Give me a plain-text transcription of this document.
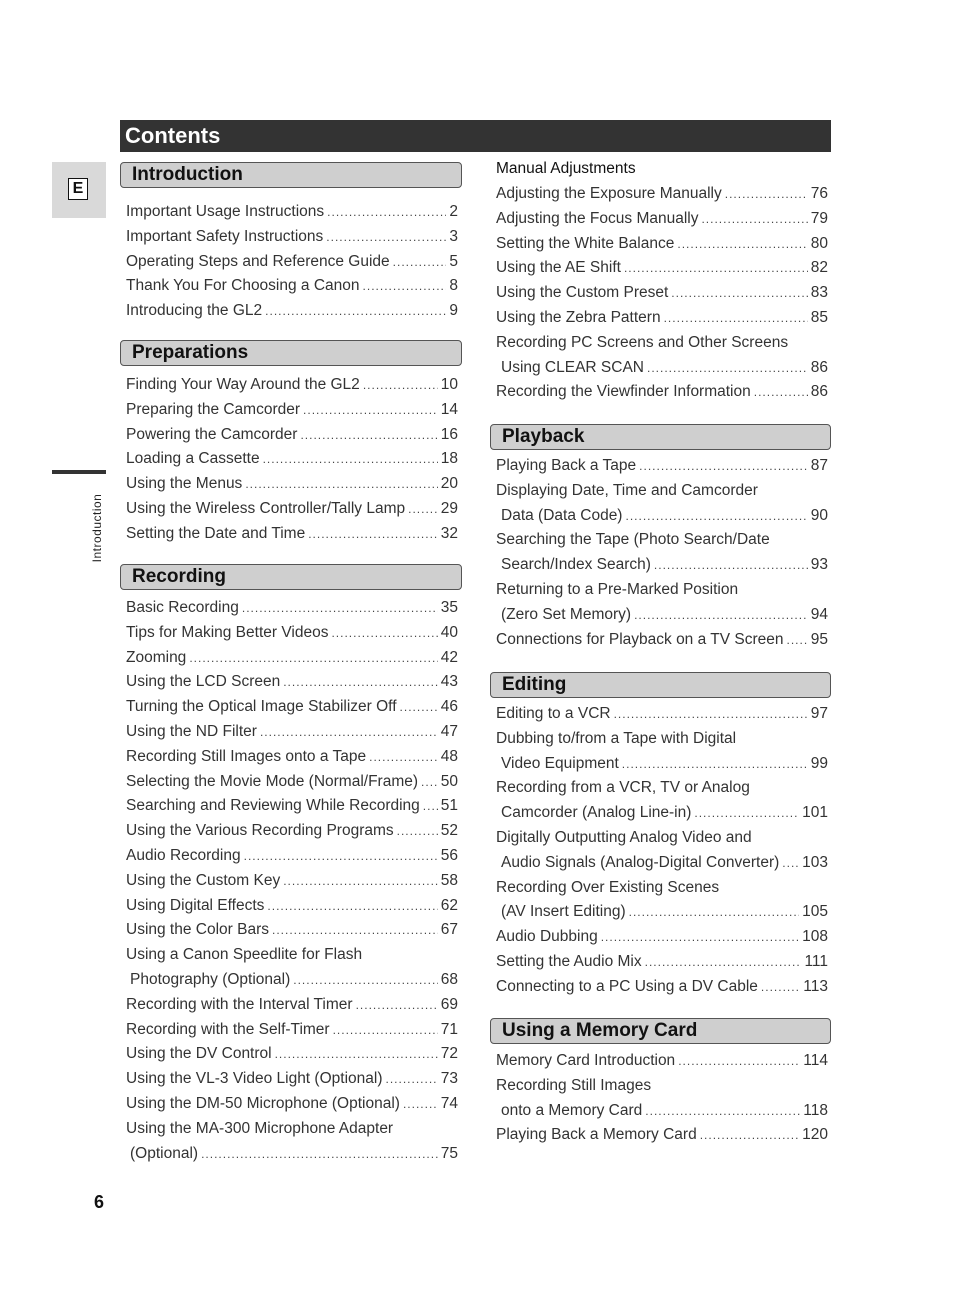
Contents
E
Introduction
Introduction
Important Usage Instructions .....	2
Important Safety Instructions .....	3
Operating Steps and Reference Guide .....	5
Thank You For Choosing a Canon .....	8
Introducing the GL2 .....	9
Preparations
Finding Your Way Around the GL2 .....	10
Preparing the Camcorder .....	14
Powering the Camcorder .....	16
Loading a Cassette .....	18
Using the Menus .....	20
Using the Wireless Controller/Tally Lamp ..... 29
Setting the Date and Time .....	32
Recording
Basic Recording .....	35
Tips for Making Better Videos .....	40
Zooming .....	42
Using the LCD Screen .....	43
Turning the Optical Image Stabilizer Off .....	46
Using the ND Filter .....	47
Recording Still Images onto a Tape .....	48
Selecting the Movie Mode (Normal/Frame) ..... 50
Searching and Reviewing While Recording ..... 51
Using the Various Recording Programs .....	52
Audio Recording .....	56
Using the Custom Key .....	58
Using Digital Effects .....	62
Using the Color Bars .....	67
Using a Canon Speedlite for Flash
Photography (Optional) .....	68
Recording with the Interval Timer .....	69
Recording with the Self-Timer .....	71
Using the DV Control .....	72
Using the VL-3 Video Light (Optional) .....	73
Using the DM-50 Microphone (Optional) .....	74
Using the MA-300 Microphone Adapter
(Optional) .....	75
Manual Adjustments
Adjusting the Exposure Manually .....	76
Adjusting the Focus Manually .....	79
Setting the White Balance .....	80
Using the AE Shift .....	82
Using the Custom Preset .....	83
Using the Zebra Pattern .....	85
Recording PC Screens and Other Screens
Using CLEAR SCAN .....	86
Recording the Viewfinder Information .....	86
Playback
Playing Back a Tape .....	87
Displaying Date, Time and Camcorder
Data (Data Code) .....	90
Searching the Tape (Photo Search/Date
Search/Index Search) .....	93
Returning to a Pre-Marked Position
(Zero Set Memory) .....	94
Connections for Playback on a TV Screen ..... 95
Editing
Editing to a VCR .....	97
Dubbing to/from a Tape with Digital
Video Equipment .....	99
Recording from a VCR, TV or Analog
Camcorder (Analog Line-in) .....	101
Digitally Outputting Analog Video and
Audio Signals (Analog-Digital Converter) ..... 103
Recording Over Existing Scenes
(AV Insert Editing) .....	105
Audio Dubbing .....	108
Setting the Audio Mix .....	111
Connecting to a PC Using a DV Cable .....	113
Using a Memory Card
Memory Card Introduction .....	114
Recording Still Images
onto a Memory Card .....	118
Playing Back a Memory Card .....	120
6
